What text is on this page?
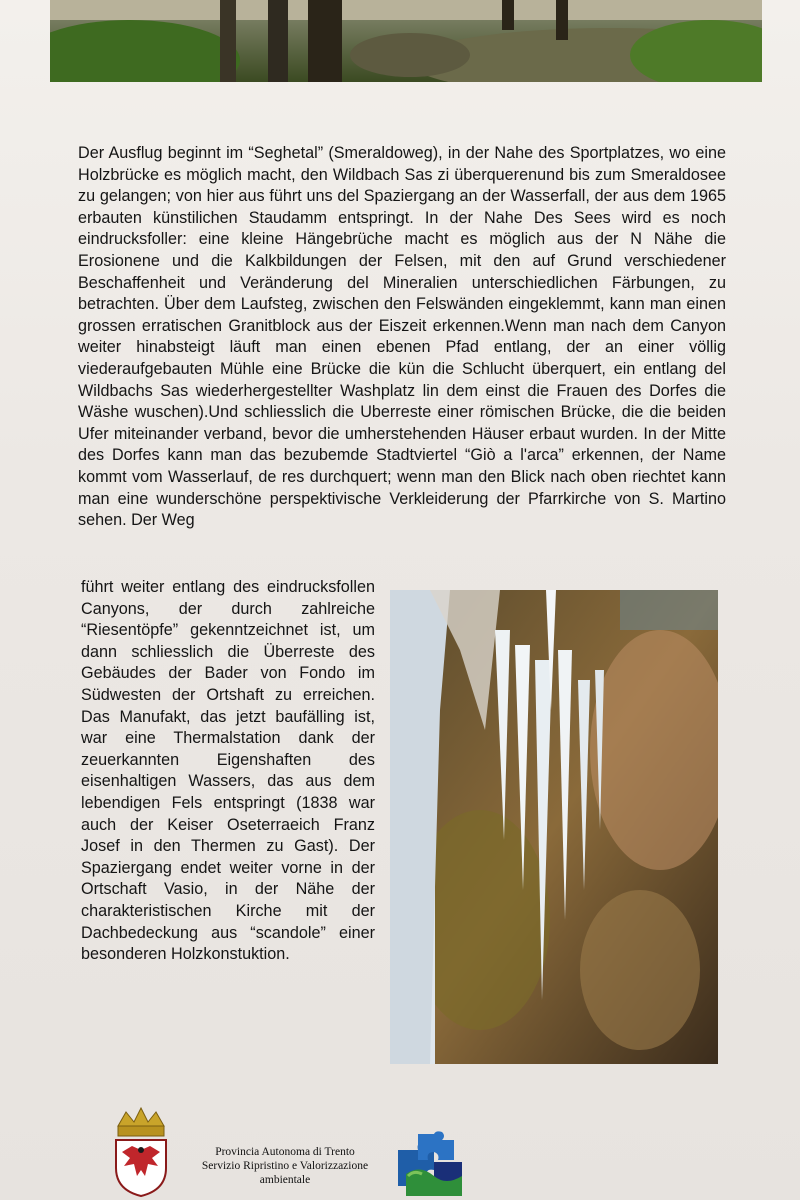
Der Ausflug beginnt im “Seghetal” (Smeraldoweg), in der Nahe des Sportplatzes, wo eine Holzbrücke es möglich macht, den Wildbach Sas zi überquerenund bis zum Smeraldosee zu gelangen; von hier aus führt uns del Spaziergang an der Wasserfall, der aus dem 1965 erbauten künstilichen Staudamm entspringt. In der Nahe Des Sees wird es noch eindrucksfoller: eine kleine Hängebrüche macht es möglich aus der N Nähe die Erosionene und die Kalkbildungen der Felsen, mit den auf Grund verschiedener Beschaffenheit und Veränderung del Mineralien unterschiedlichen Färbungen, zu betrachten. Über dem Laufsteg, zwischen den Felswänden eingeklemmt, kann man einen grossen erratischen Granitblock aus der Eiszeit erkennen.Wenn man nach dem Canyon weiter hinabsteigt läuft man einen ebenen Pfad entlang, der an einer völlig viederaufgebauten Mühle eine Brücke die kün die Schlucht überquert, ein entlang del Wildbachs Sas wiederhergestellter Washplatz lin dem einst die Frauen des Dorfes die Wäshe wuschen).Und schliesslich die Uberreste einer römischen Brücke, die die beiden Ufer miteinander verband, bevor die umherstehenden Häuser erbaut wurden. In der Mitte des Dorfes kann man das bezubemde Stadtviertel “Giò a l'arca” erkennen, der Name kommt vom Wasserlauf, de res durchquert; wenn man den Blick nach oben riechtet kann man eine wunderschöne perspektivische Verkleiderung der Pfarrkirche von S. Martino sehen. Der Weg

führt weiter entlang des eindrucksfollen Canyons, der durch zahlreiche “Riesentöpfe” gekenntzeichnet ist, um dann schliesslich die Überreste des Gebäudes der Bader von Fondo im Südwesten der Ortshaft zu erreichen. Das Manufakt, das jetzt baufälling ist, war eine Thermalstation dank der zeuerkannten Eigenshaften des eisenhaltigen Wassers, das aus dem lebendigen Fels entspringt (1838 war auch der Keiser Oseterraeich Franz Josef in den Thermen zu Gast). Der Spaziergang endet weiter vorne in der Ortschaft Vasio, in der Nähe der charakteristischen Kirche mit der Dachbedeckung aus “scandole” einer besonderen Holzkonstuktion.

Provincia Autonoma di Trento
Servizio Ripristino e Valorizzazione
ambientale
